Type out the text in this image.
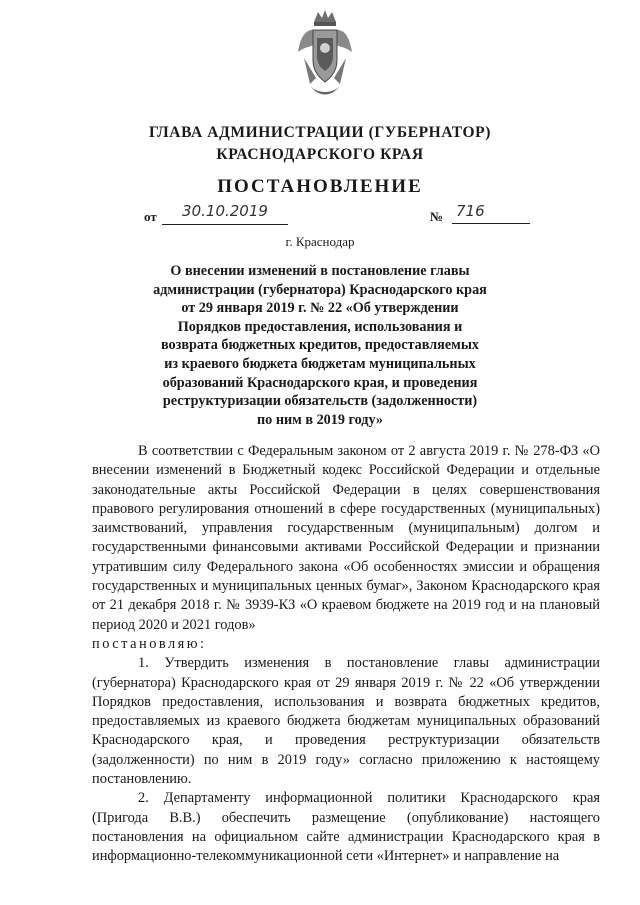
ГЛАВА АДМИНИСТРАЦИИ (ГУБЕРНАТОР)
КРАСНОДАРСКОГО КРАЯ
ПОСТАНОВЛЕНИЕ
от	30.10.2019	№ 716
г. Краснодар
О внесении изменений в постановление главы
администрации (губернатора) Краснодарского края
от 29 января 2019 г. № 22 «Об утверждении
Порядков предоставления, использования и
возврата бюджетных кредитов, предоставляемых
из краевого бюджета бюджетам муниципальных
образований Краснодарского края, и проведения
реструктуризации обязательств (задолженности)
по ним в 2019 году»

В соответствии с Федеральным законом от 2 августа 2019 г. № 278-ФЗ «О внесении изменений в Бюджетный кодекс Российской Федерации и отдельные законодательные акты Российской Федерации в целях совершенствования правового регулирования отношений в сфере государственных (муниципальных) заимствований, управления государственным (муниципальным) долгом и государственными финансовыми активами Российской Федерации и признании утратившим силу Федерального закона «Об особенностях эмиссии и обращения государственных и муниципальных ценных бумаг», Законом Краснодарского края от 21 декабря 2018 г. № 3939-КЗ «О краевом бюджете на 2019 год и на плановый период 2020 и 2021 годов»

постановляю:

1. Утвердить изменения в постановление главы администрации (губернатора) Краснодарского края от 29 января 2019 г. № 22 «Об утверждении Порядков предоставления, использования и возврата бюджетных кредитов, предоставляемых из краевого бюджета бюджетам муниципальных образований Краснодарского края, и проведения реструктуризации обязательств (задолженности) по ним в 2019 году» согласно приложению к настоящему постановлению.

2. Департаменту информационной политики Краснодарского края (Пригода В.В.) обеспечить размещение (опубликование) настоящего постановления на официальном сайте администрации Краснодарского края в информационно-телекоммуникационной сети «Интернет» и направление на
